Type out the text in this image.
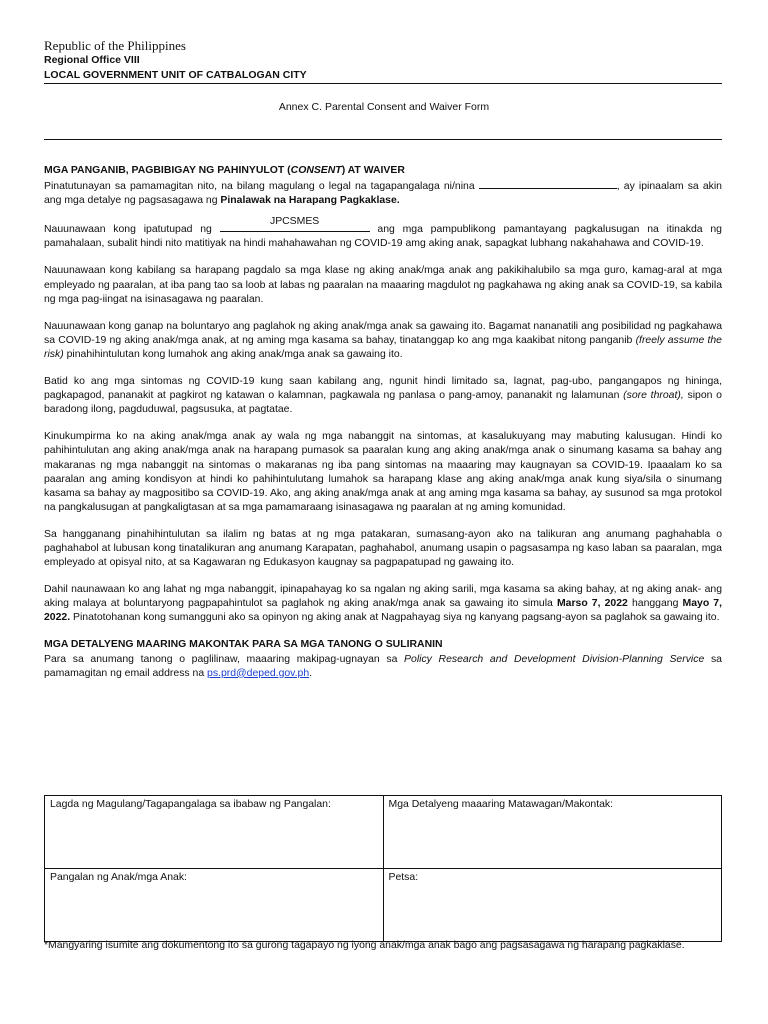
Republic of the Philippines
Regional Office VIII
LOCAL GOVERNMENT UNIT OF CATBALOGAN CITY
Annex C. Parental Consent and Waiver Form

MGA PANGANIB, PAGBIBIGAY NG PAHINYULOT (CONSENT) AT WAIVER
Pinatutunayan sa pamamagitan nito, na bilang magulang o legal na tagapangalaga ni/nina	, ay ipinaalam sa akin ang mga detalye ng pagsasagawa ng Pinalawak na Harapang Pagkaklase.

Nauunawaan kong ipatutupad ng
JPCSMES
ang mga pampublikong pamantayang pagkalusugan na itinakda ng pamahalaan, subalit hindi nito matitiyak na hindi mahahawahan ng COVID-19 amg aking anak, sapagkat lubhang nakahahawa and COVID-19.

Nauunawaan kong kabilang sa harapang pagdalo sa mga klase ng aking anak/mga anak ang pakikihalubilo sa mga guro, kamag-aral at mga empleyado ng paaralan, at iba pang tao sa loob at labas ng paaralan na maaaring magdulot ng pagkahawa ng aking anak sa COVID-19, sa kabila ng mga pag-iingat na isinasagawa ng paaralan.

Nauunawaan kong ganap na boluntaryo ang paglahok ng aking anak/mga anak sa gawaing ito. Bagamat nananatili ang posibilidad ng pagkahawa sa COVID-19 ng aking anak/mga anak, at ng aming mga kasama sa bahay, tinatanggap ko ang mga kaakibat nitong panganib (freely assume the risk) pinahihintulutan kong lumahok ang aking anak/mga anak sa gawaing ito.

Batid ko ang mga sintomas ng COVID-19 kung saan kabilang ang, ngunit hindi limitado sa, lagnat, pag-ubo, pangangapos ng hininga, pagkapagod, pananakit at pagkirot ng katawan o kalamnan, pagkawala ng panlasa o pang-amoy, pananakit ng lalamunan (sore throat), sipon o baradong ilong, pagduduwal, pagsusuka, at pagtatae.

Kinukumpirma ko na aking anak/mga anak ay wala ng mga nabanggit na sintomas, at kasalukuyang may mabuting kalusugan. Hindi ko pahihintulutan ang aking anak/mga anak na harapang pumasok sa paaralan kung ang aking anak/mga anak o sinumang kasama sa bahay ang makaranas ng mga nabanggit na sintomas o makaranas ng iba pang sintomas na maaaring may kaugnayan sa COVID-19. Ipaaalam ko sa paaralan ang aming kondisyon at hindi ko pahihintulutang lumahok sa harapang klase ang aking anak/mga anak kung siya/sila o sinumang kasama sa bahay ay magpositibo sa COVID-19. Ako, ang aking anak/mga anak at ang aming mga kasama sa bahay, ay susunod sa mga protokol na pangkalusugan at pangkaligtasan at sa mga pamamaraang isinasagawa ng paaralan at ng aming komunidad.

Sa hangganang pinahihintulutan sa ilalim ng batas at ng mga patakaran, sumasang-ayon ako na talikuran ang anumang paghahabla o paghahabol at lubusan kong tinatalikuran ang anumang Karapatan, paghahabol, anumang usapin o pagsasampa ng kaso laban sa paaralan, mga empleyado at opisyal nito, at sa Kagawaran ng Edukasyon kaugnay sa pagpapatupad ng gawaing ito.

Dahil naunawaan ko ang lahat ng mga nabanggit, ipinapahayag ko sa ngalan ng aking sarili, mga kasama sa aking bahay, at ng aking anak- ang aking malaya at boluntaryong pagpapahintulot sa paglahok ng aking anak/mga anak sa gawaing ito simula Marso 7, 2022 hanggang Mayo 7, 2022. Pinatotohanan kong sumangguni ako sa opinyon ng aking anak at Nagpahayag siya ng kanyang pagsang-ayon sa paglahok sa gawaing ito.

MGA DETALYENG MAARING MAKONTAK PARA SA MGA TANONG O SULIRANIN
Para sa anumang tanong o paglilinaw, maaaring makipag-ugnayan sa Policy Research and Development Division-Planning Service sa pamamagitan ng email address na ps.prd@deped.gov.ph.

Lagda ng Magulang/Tagapangalaga sa ibabaw ng Pangalan:	Mga Detalyeng maaaring Matawagan/Makontak:
Pangalan ng Anak/mga Anak:	Petsa:
*Mangyaring isumite ang dokumentong ito sa gurong tagapayo ng iyong anak/mga anak bago ang pagsasagawa ng harapang pagkaklase.
